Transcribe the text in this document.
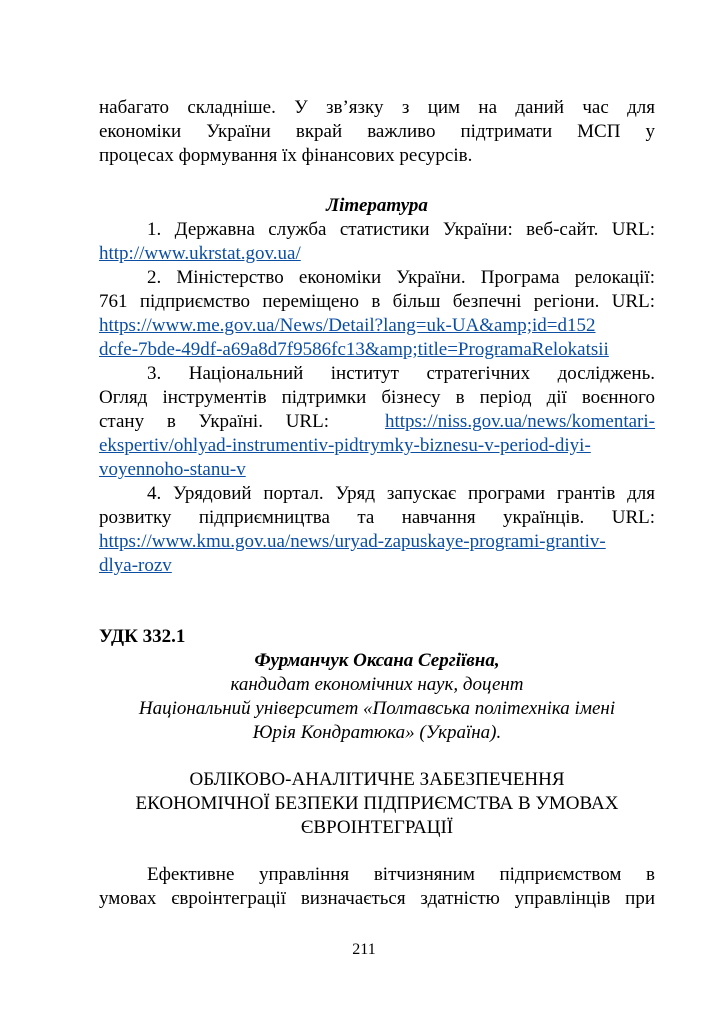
набагато складніше. У зв’язку з цим на даний час для
економіки України вкрай важливо підтримати МСП у
процесах формування їх фінансових ресурсів.
Література
1. Державна служба статистики України: веб-сайт. URL:
http://www.ukrstat.gov.ua/
2. Міністерство економіки України. Програма релокації:
761 підприємство переміщено в більш безпечні регіони. URL:
https://www.me.gov.ua/News/Detail?lang=uk-UA&amp;id=d152
dcfe-7bde-49df-a69a8d7f9586fc13&amp;title=ProgramaRelokatsii
3. Національний інститут стратегічних досліджень.
Огляд інструментів підтримки бізнесу в період дії воєнного
стану в Україні. URL:	https://niss.gov.ua/news/komentari-
ekspertiv/ohlyad-instrumentiv-pidtrymky-biznesu-v-period-diyi-
voyennoho-stanu-v
4. Урядовий портал. Уряд запускає програми грантів для
розвитку підприємництва та навчання українців. URL:
https://www.kmu.gov.ua/news/uryad-zapuskaye-programi-grantiv-
dlya-rozv
УДК 332.1
Фурманчук Оксана Сергіївна,
кандидат економічних наук, доцент
Національний університет «Полтавська політехніка імені
Юрія Кондратюка» (Україна).
ОБЛІКОВО-АНАЛІТИЧНЕ ЗАБЕЗПЕЧЕННЯ
ЕКОНОМІЧНОЇ БЕЗПЕКИ ПІДПРИЄМСТВА В УМОВАХ
ЄВРОІНТЕГРАЦІЇ
Ефективне управління вітчизняним підприємством в
умовах євроінтеграції визначається здатністю управлінців при
211
